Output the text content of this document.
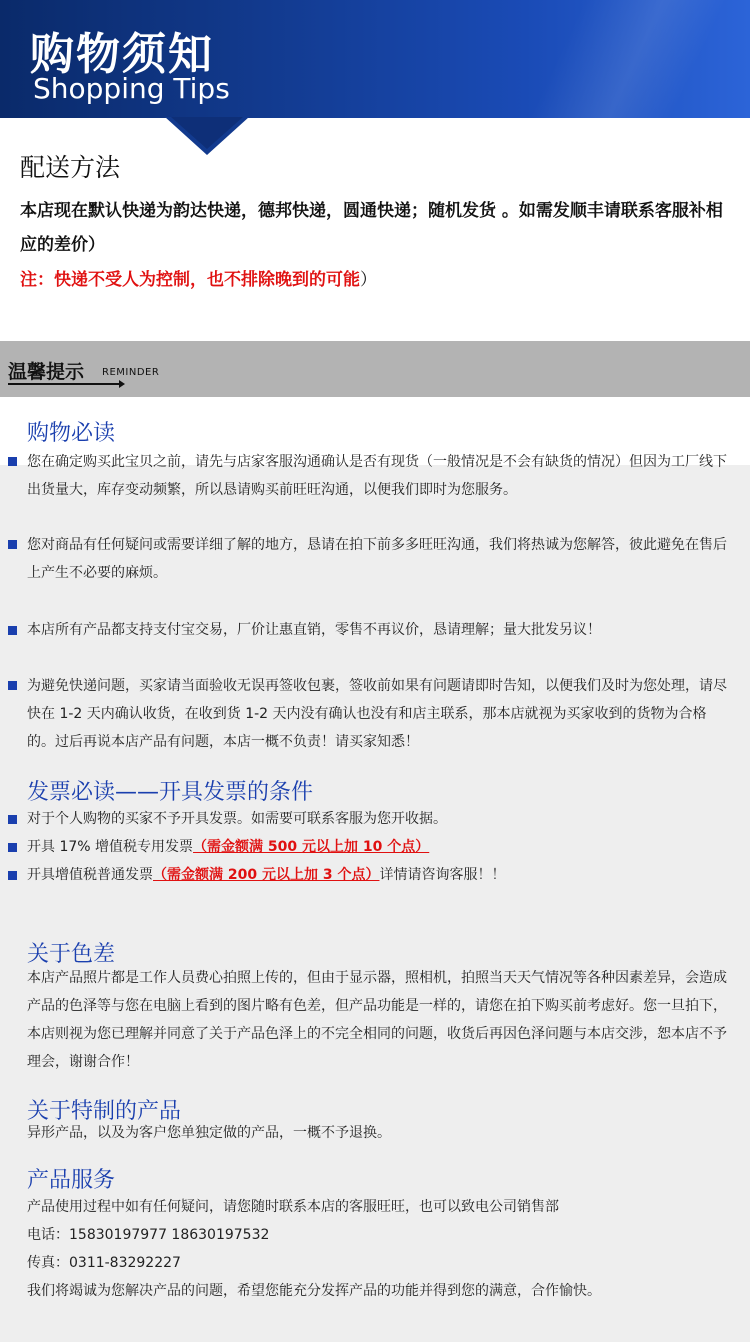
购物须知
Shopping Tips
配送方法
本店现在默认快递为韵达快递，德邦快递，圆通快递；随机发货 。如需发顺丰请联系客服补相应的差价）
注：快递不受人为控制，也不排除晚到的可能）
温馨提示 REMINDER
购物必读
您在确定购买此宝贝之前，请先与店家客服沟通确认是否有现货（一般情况是不会有缺货的情况）但因为工厂线下出货量大，库存变动频繁，所以恳请购买前旺旺沟通，以便我们即时为您服务。
您对商品有任何疑问或需要详细了解的地方，恳请在拍下前多多旺旺沟通，我们将热诚为您解答，彼此避免在售后上产生不必要的麻烦。
本店所有产品都支持支付宝交易，厂价让惠直销，零售不再议价，恳请理解；量大批发另议！
为避免快递问题，买家请当面验收无误再签收包裹，签收前如果有问题请即时告知，以便我们及时为您处理，请尽快在 1-2 天内确认收货，在收到货 1-2 天内没有确认也没有和店主联系，那本店就视为买家收到的货物为合格的。过后再说本店产品有问题，本店一概不负责！请买家知悉！
发票必读——开具发票的条件
对于个人购物的买家不予开具发票。如需要可联系客服为您开收据。
开具 17% 增值税专用发票（需金额满 500 元以上加 10 个点）
开具增值税普通发票（需金额满 200 元以上加 3 个点）详情请咨询客服！！
关于色差
本店产品照片都是工作人员费心拍照上传的，但由于显示器，照相机，拍照当天天气情况等各种因素差异，会造成产品的色泽等与您在电脑上看到的图片略有色差，但产品功能是一样的，请您在拍下购买前考虑好。您一旦拍下，本店则视为您已理解并同意了关于产品色泽上的不完全相同的问题，收货后再因色泽问题与本店交涉，恕本店不予理会，谢谢合作！
关于特制的产品
异形产品，以及为客户您单独定做的产品，一概不予退换。
产品服务
产品使用过程中如有任何疑问，请您随时联系本店的客服旺旺，也可以致电公司销售部
电话：15830197977 18630197532
传真：0311-83292227
我们将竭诚为您解决产品的问题，希望您能充分发挥产品的功能并得到您的满意，合作愉快。
